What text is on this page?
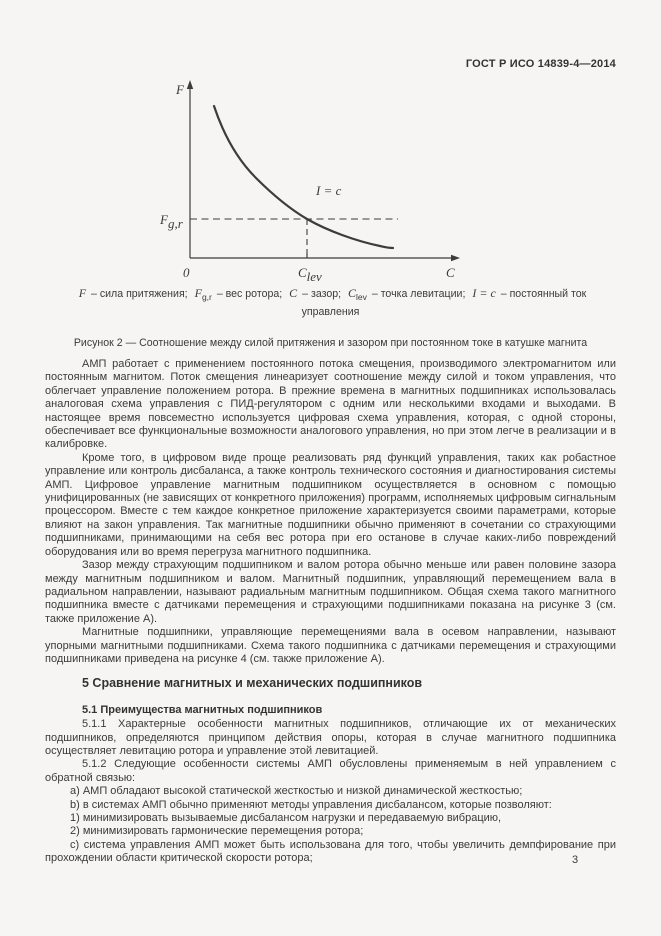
ГОСТ Р ИСО 14839-4—2014
F
C
0
Fg,r
Clev
I = c
F – сила притяжения; $F_{g,r}$ – вес ротора; C – зазор; $C_{lev}$ – точка левитации; I = c – постоянный ток управления
Рисунок 2 — Соотношение между силой притяжения и зазором при постоянном токе в катушке магнита

АМП работает с применением постоянного потока смещения, производимого электромагнитом или постоянным магнитом. Поток смещения линеаризует соотношение между силой и током управления, что облегчает управление положением ротора. В прежние времена в магнитных подшипниках использовалась аналоговая схема управления с ПИД-регулятором с одним или несколькими входами и выходами. В настоящее время повсеместно используется цифровая схема управления, которая, с одной стороны, обеспечивает все функциональные возможности аналогового управления, но при этом легче в реализации и в калибровке.

Кроме того, в цифровом виде проще реализовать ряд функций управления, таких как робастное управление или контроль дисбаланса, а также контроль технического состояния и диагностирования системы АМП. Цифровое управление магнитным подшипником осуществляется в основном с помощью унифицированных (не зависящих от конкретного приложения) программ, исполняемых цифровым сигнальным процессором. Вместе с тем каждое конкретное приложение характеризуется своими параметрами, которые влияют на закон управления. Так магнитные подшипники обычно применяют в сочетании со страхующими подшипниками, принимающими на себя вес ротора при его останове в случае каких-либо повреждений оборудования или во время перегруза магнитного подшипника.

Зазор между страхующим подшипником и валом ротора обычно меньше или равен половине зазора между магнитным подшипником и валом. Магнитный подшипник, управляющий перемещением вала в радиальном направлении, называют радиальным магнитным подшипником. Общая схема такого магнитного подшипника вместе с датчиками перемещения и страхующими подшипниками показана на рисунке 3 (см. также приложение А).

Магнитные подшипники, управляющие перемещениями вала в осевом направлении, называют упорными магнитными подшипниками. Схема такого подшипника с датчиками перемещения и страхующими подшипниками приведена на рисунке 4 (см. также приложение А).

5 Сравнение магнитных и механических подшипников
5.1 Преимущества магнитных подшипников

5.1.1 Характерные особенности магнитных подшипников, отличающие их от механических подшипников, определяются принципом действия опоры, которая в случае магнитного подшипника осуществляет левитацию ротора и управление этой левитацией.

5.1.2 Следующие особенности системы АМП обусловлены применяемым в ней управлением с обратной связью:

a) АМП обладают высокой статической жесткостью и низкой динамической жесткостью;

b) в системах АМП обычно применяют методы управления дисбалансом, которые позволяют:

1) минимизировать вызываемые дисбалансом нагрузки и передаваемую вибрацию,

2) минимизировать гармонические перемещения ротора;

c) система управления АМП может быть использована для того, чтобы увеличить демпфирование при прохождении области критической скорости ротора;	3
